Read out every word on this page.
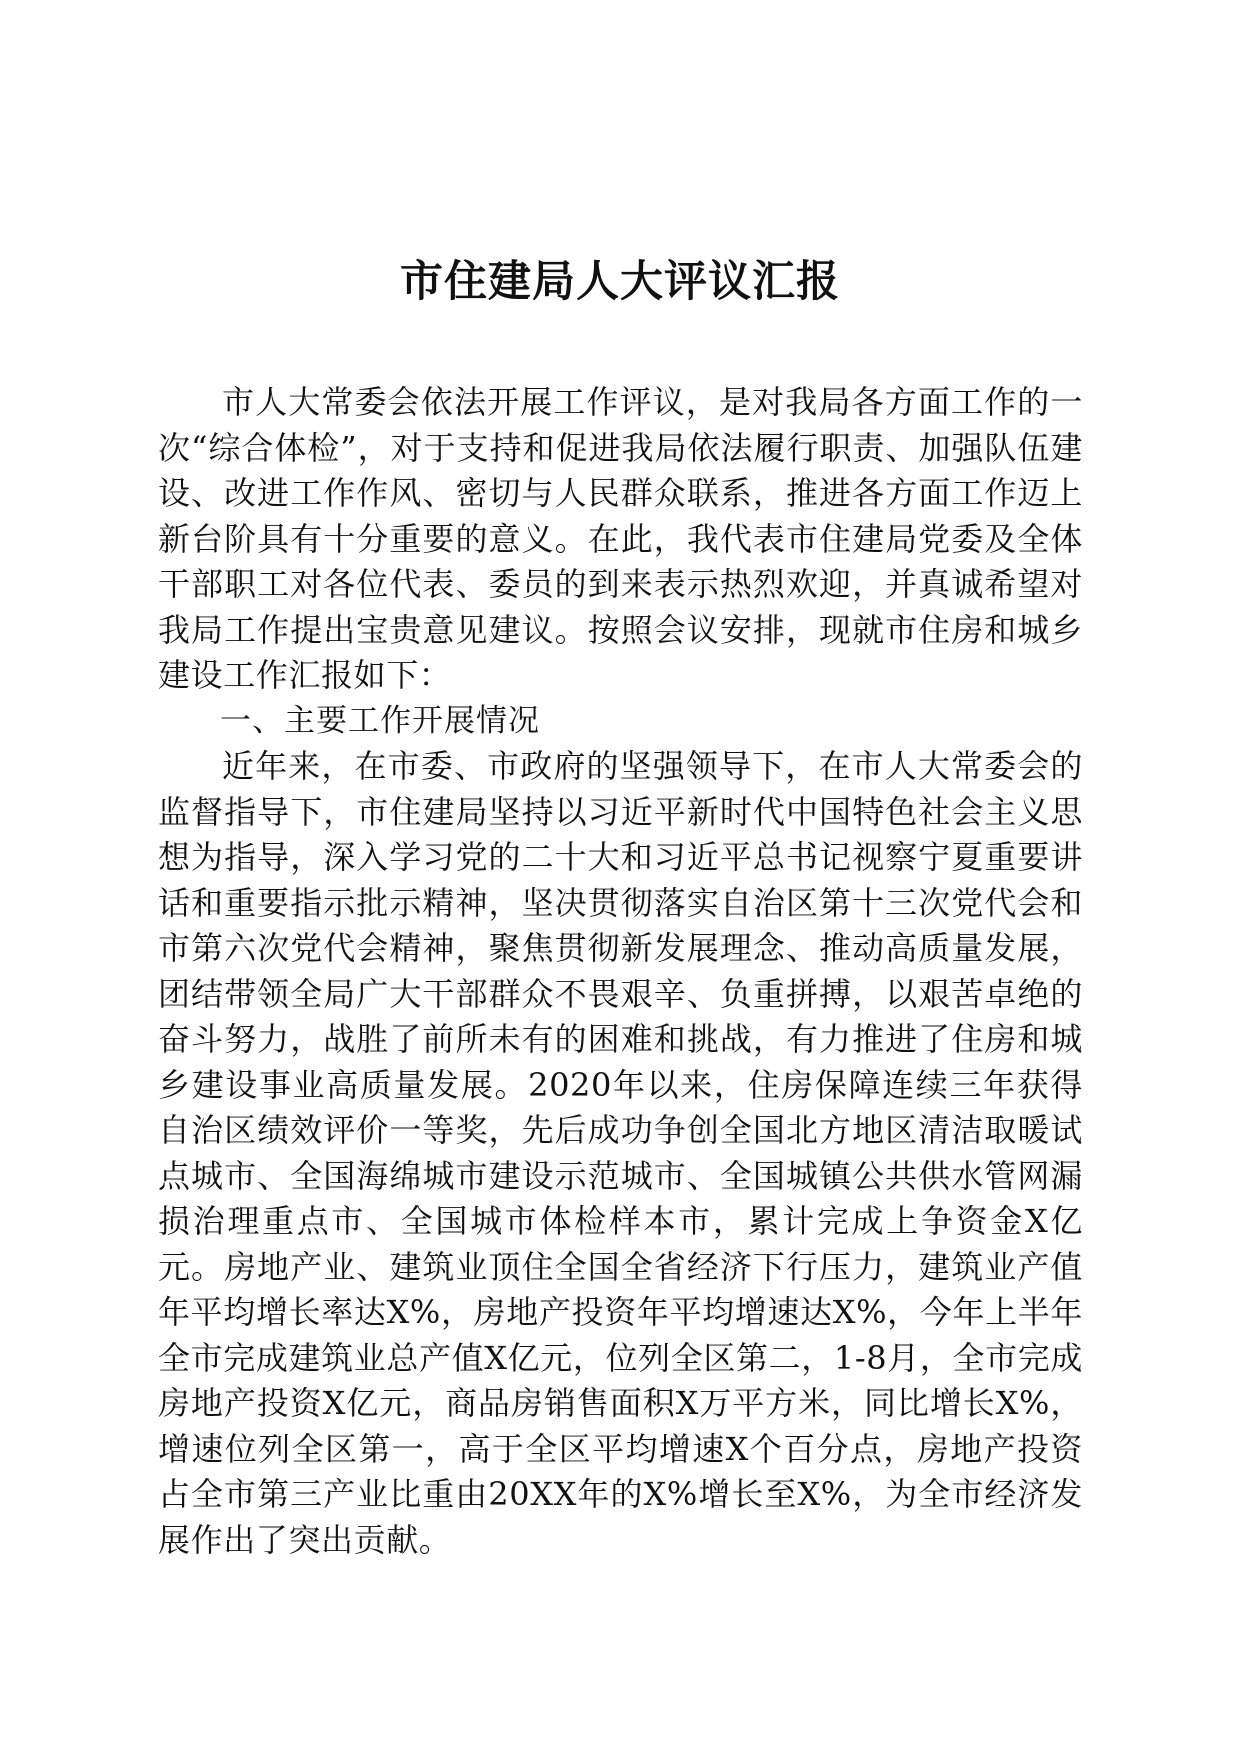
市住建局人大评议汇报

市人大常委会依法开展工作评议，是对我局各方面工作的一次“综合体检”，对于支持和促进我局依法履行职责、加强队伍建设、改进工作作风、密切与人民群众联系，推进各方面工作迈上新台阶具有十分重要的意义。在此，我代表市住建局党委及全体干部职工对各位代表、委员的到来表示热烈欢迎，并真诚希望对我局工作提出宝贵意见建议。按照会议安排，现就市住房和城乡建设工作汇报如下：

一、主要工作开展情况

近年来，在市委、市政府的坚强领导下，在市人大常委会的监督指导下，市住建局坚持以习近平新时代中国特色社会主义思想为指导，深入学习党的二十大和习近平总书记视察宁夏重要讲话和重要指示批示精神，坚决贯彻落实自治区第十三次党代会和市第六次党代会精神，聚焦贯彻新发展理念、推动高质量发展，团结带领全局广大干部群众不畏艰辛、负重拼搏，以艰苦卓绝的奋斗努力，战胜了前所未有的困难和挑战，有力推进了住房和城乡建设事业高质量发展。2020年以来，住房保障连续三年获得自治区绩效评价一等奖，先后成功争创全国北方地区清洁取暖试点城市、全国海绵城市建设示范城市、全国城镇公共供水管网漏损治理重点市、全国城市体检样本市，累计完成上争资金X亿元。房地产业、建筑业顶住全国全省经济下行压力，建筑业产值年平均增长率达X%，房地产投资年平均增速达X%，今年上半年全市完成建筑业总产值X亿元，位列全区第二，1-8月，全市完成房地产投资X亿元，商品房销售面积X万平方米，同比增长X%，增速位列全区第一，高于全区平均增速X个百分点，房地产投资占全市第三产业比重由20XX年的X%增长至X%，为全市经济发展作出了突出贡献。
